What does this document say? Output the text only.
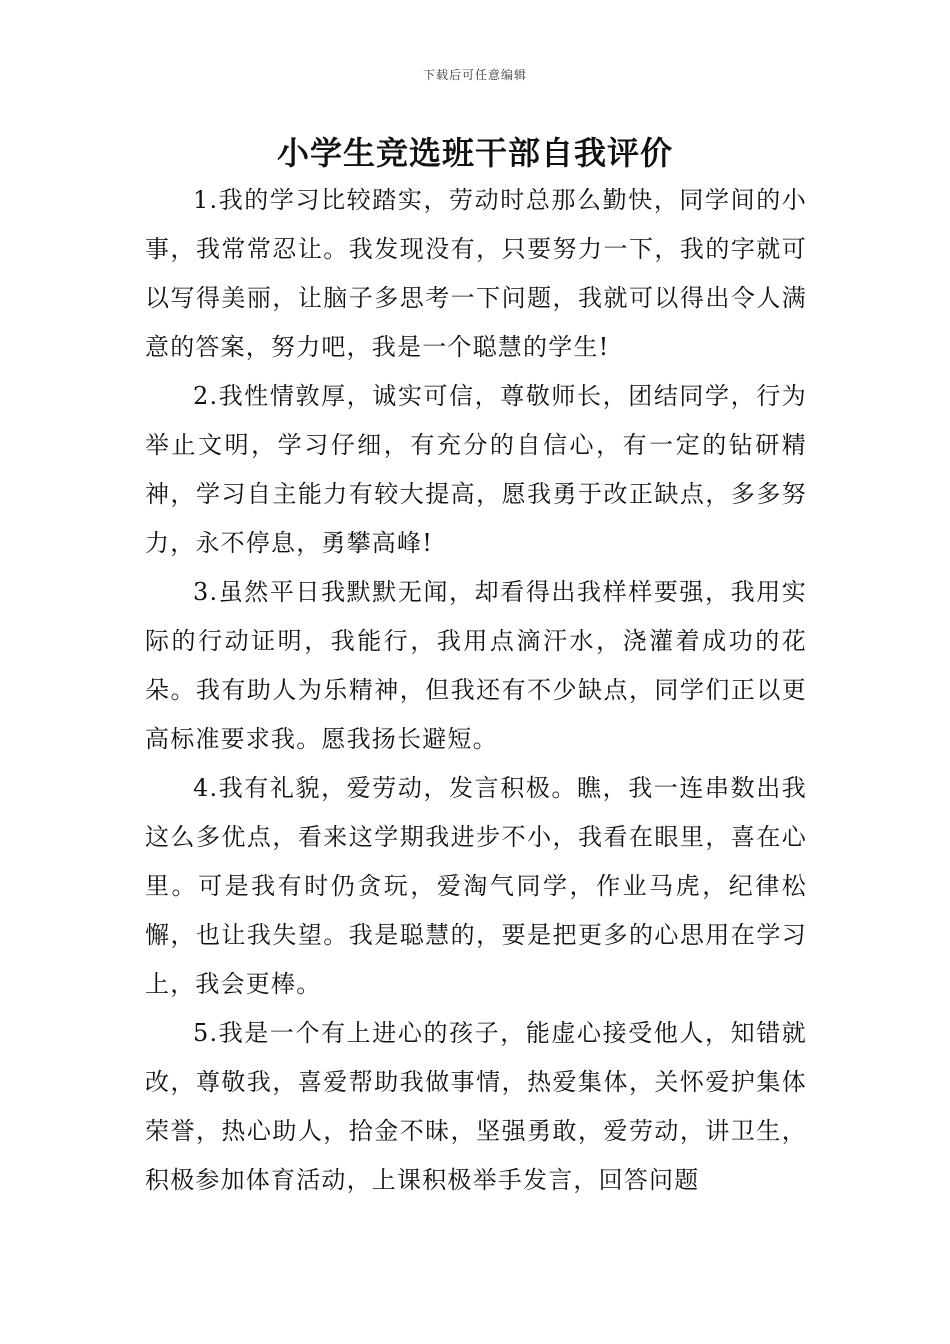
下载后可任意编辑
小学生竞选班干部自我评价

1.我的学习比较踏实，劳动时总那么勤快，同学间的小事，我常常忍让。我发现没有，只要努力一下，我的字就可以写得美丽，让脑子多思考一下问题，我就可以得出令人满意的答案，努力吧，我是一个聪慧的学生!

2.我性情敦厚，诚实可信，尊敬师长，团结同学，行为举止文明，学习仔细，有充分的自信心，有一定的钻研精神，学习自主能力有较大提高，愿我勇于改正缺点，多多努力，永不停息，勇攀高峰!

3.虽然平日我默默无闻，却看得出我样样要强，我用实际的行动证明，我能行，我用点滴汗水，浇灌着成功的花朵。我有助人为乐精神，但我还有不少缺点，同学们正以更高标准要求我。愿我扬长避短。

4.我有礼貌，爱劳动，发言积极。瞧，我一连串数出我这么多优点，看来这学期我进步不小，我看在眼里，喜在心里。可是我有时仍贪玩，爱淘气同学，作业马虎，纪律松懈，也让我失望。我是聪慧的，要是把更多的心思用在学习上，我会更棒。

5.我是一个有上进心的孩子，能虚心接受他人，知错就改，尊敬我，喜爱帮助我做事情，热爱集体，关怀爱护集体荣誉，热心助人，拾金不昧，坚强勇敢，爱劳动，讲卫生，积极参加体育活动，上课积极举手发言，回答问题
